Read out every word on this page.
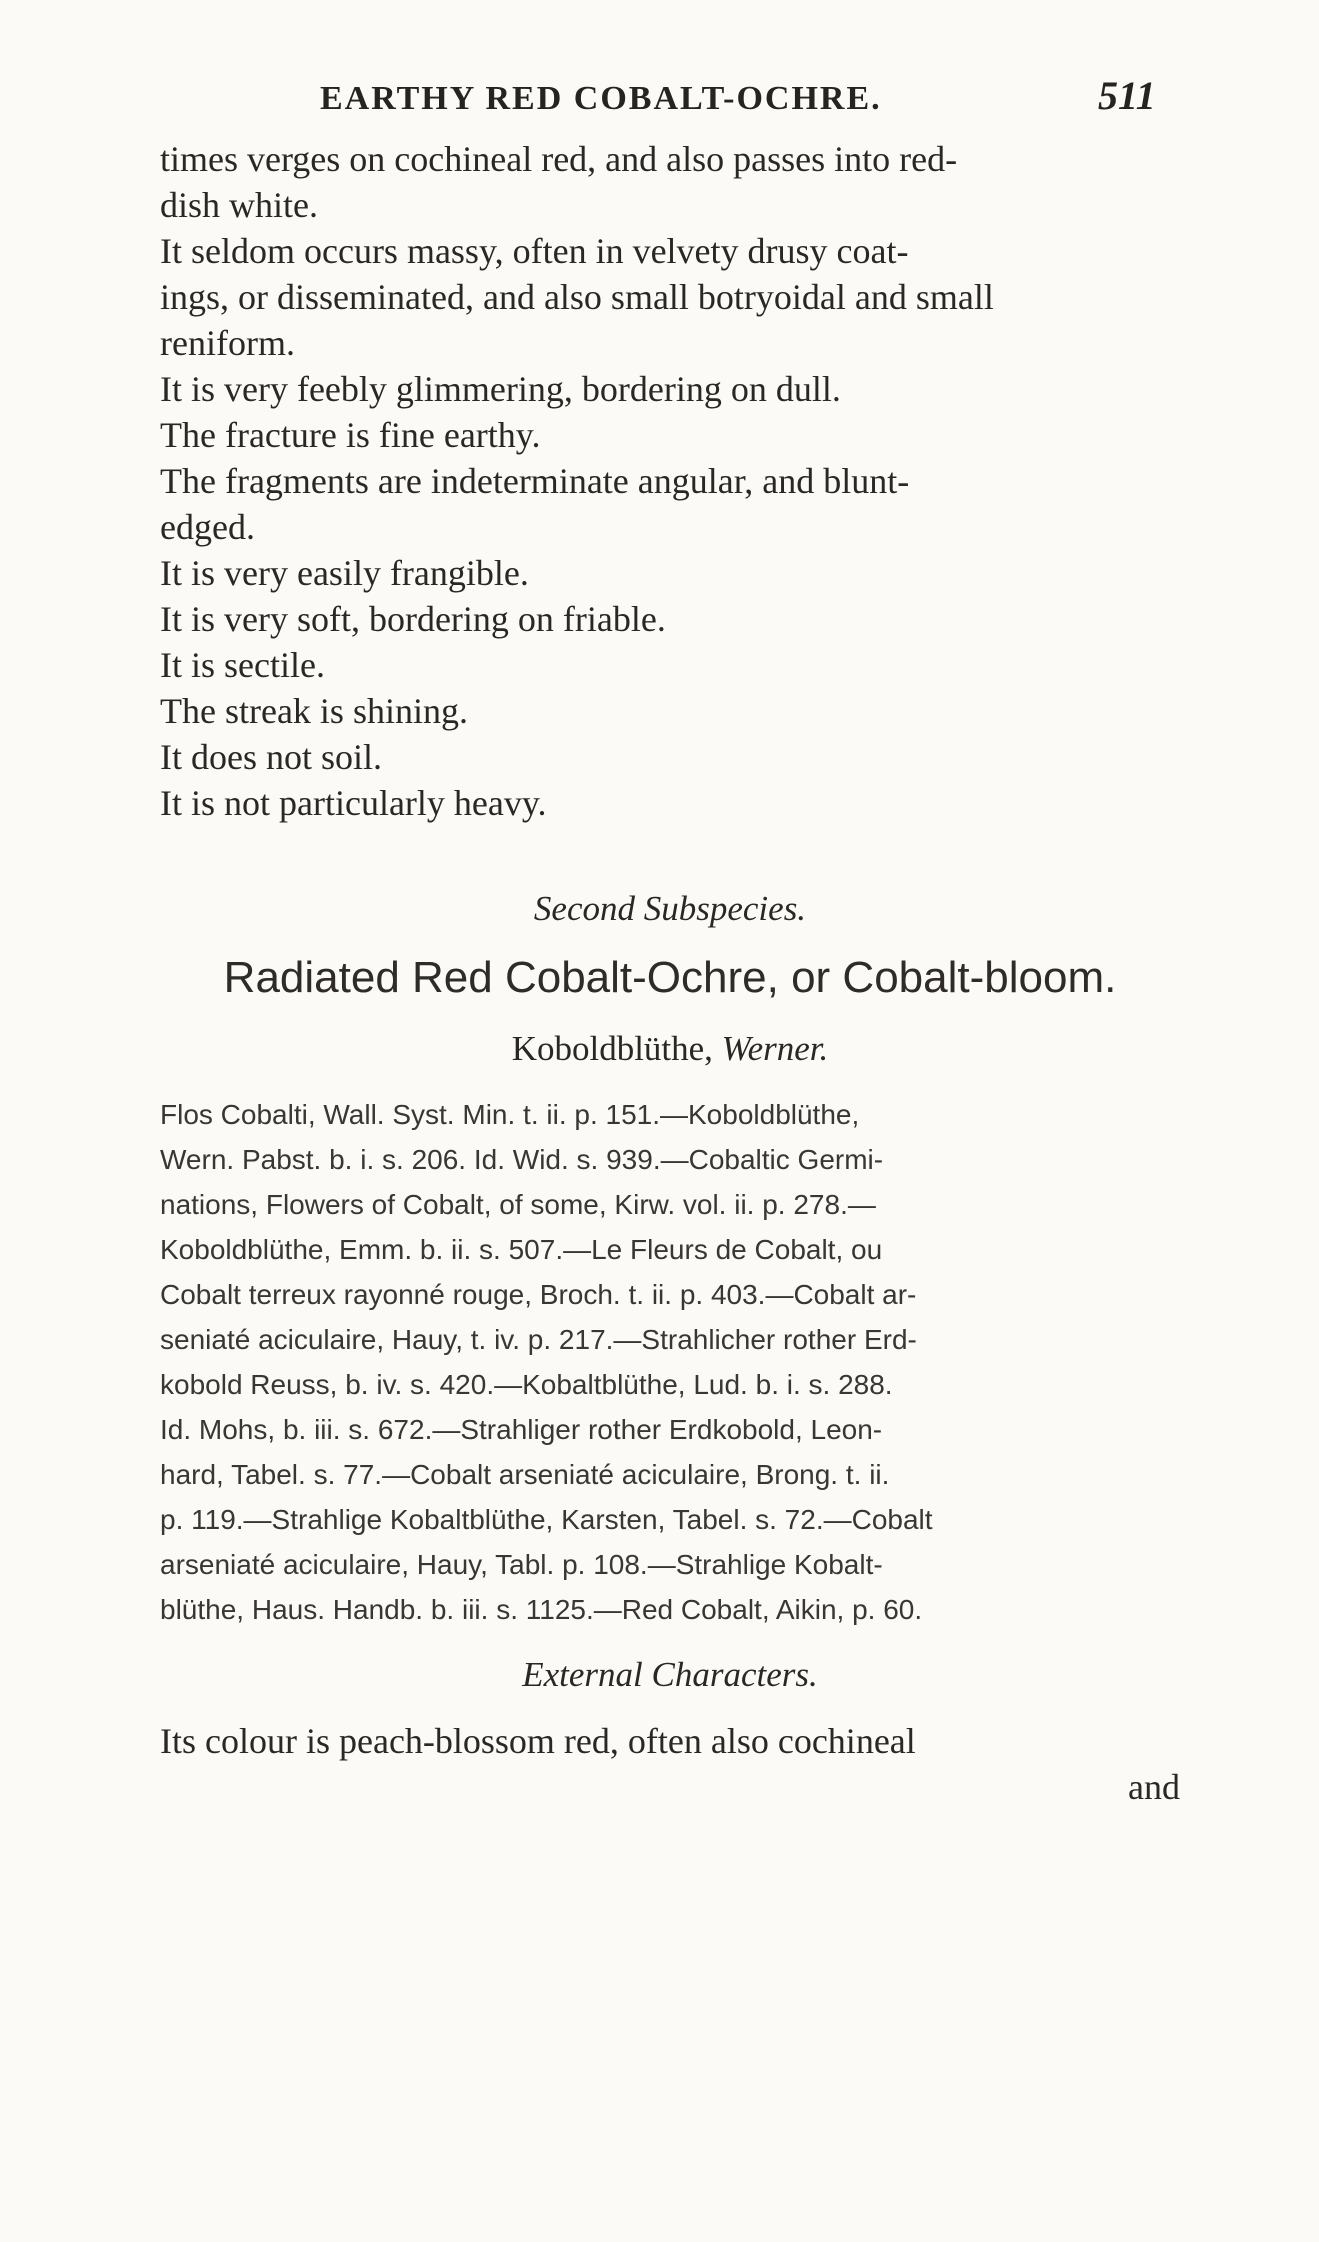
EARTHY RED COBALT-OCHRE.	511

times verges on cochineal red, and also passes into red-

dish white.

It seldom occurs massy, often in velvety drusy coat-

ings, or disseminated, and also small botryoidal and small

reniform.

It is very feebly glimmering, bordering on dull.

The fracture is fine earthy.

The fragments are indeterminate angular, and blunt-

edged.

It is very easily frangible.

It is very soft, bordering on friable.

It is sectile.

The streak is shining.

It does not soil.

It is not particularly heavy.

Second Subspecies.

Radiated Red Cobalt-Ochre, or Cobalt-bloom.

Koboldblüthe, Werner.

Flos Cobalti, Wall. Syst. Min. t. ii. p. 151.—Koboldblüthe,

Wern. Pabst. b. i. s. 206. Id. Wid. s. 939.—Cobaltic Germi-

nations, Flowers of Cobalt, of some, Kirw. vol. ii. p. 278.—

Koboldblüthe, Emm. b. ii. s. 507.—Le Fleurs de Cobalt, ou

Cobalt terreux rayonné rouge, Broch. t. ii. p. 403.—Cobalt ar-

seniaté aciculaire, Hauy, t. iv. p. 217.—Strahlicher rother Erd-

kobold Reuss, b. iv. s. 420.—Kobaltblüthe, Lud. b. i. s. 288.

Id. Mohs, b. iii. s. 672.—Strahliger rother Erdkobold, Leon-

hard, Tabel. s. 77.—Cobalt arseniaté aciculaire, Brong. t. ii.

p. 119.—Strahlige Kobaltblüthe, Karsten, Tabel. s. 72.—Cobalt

arseniaté aciculaire, Hauy, Tabl. p. 108.—Strahlige Kobalt-

blüthe, Haus. Handb. b. iii. s. 1125.—Red Cobalt, Aikin, p. 60.

External Characters.

Its colour is peach-blossom red, often also cochineal

and
